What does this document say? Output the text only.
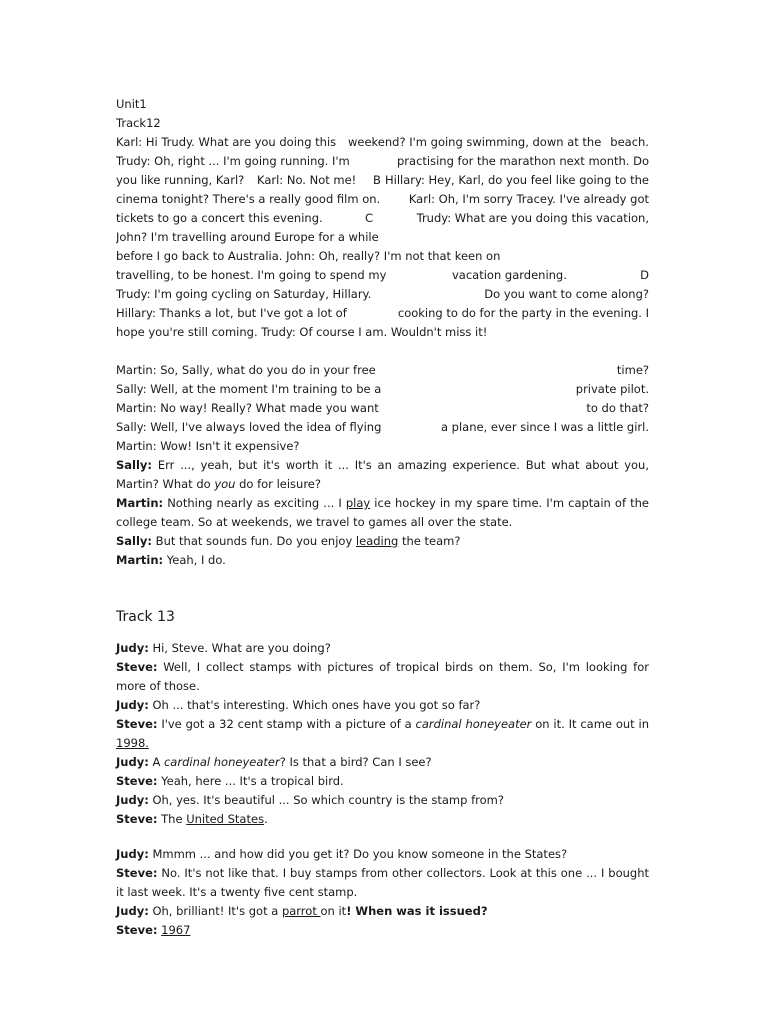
Unit1
Track12
Karl: Hi Trudy. What are you doing this weekend? I'm going swimming, down at the beach.
Trudy: Oh, right ... I'm going running. I'm	practising for the marathon next month. Do
you like running, Karl? Karl: No. Not me! B Hillary: Hey, Karl, do you feel like going to the
cinema tonight? There's a really good film on. Karl: Oh, I'm sorry Tracey. I've already got
tickets to go a concert this evening.	C	Trudy: What are you doing this vacation,
John? I'm travelling around Europe for a while
before I go back to Australia. John: Oh, really? I'm not that keen on
travelling, to be honest. I'm going to spend my	vacation gardening.	D
Trudy: I'm going cycling on Saturday, Hillary.	Do you want to come along?
Hillary: Thanks a lot, but I've got a lot of	cooking to do for the party in the evening. I
hope you're still coming. Trudy: Of course I am. Wouldn't miss it!
Martin: So, Sally, what do you do in your free	time?
Sally: Well, at the moment I'm training to be a	private pilot.
Martin: No way! Really? What made you want	to do that?
Sally: Well, I've always loved the idea of flying	a plane, ever since I was a little girl.
Martin: Wow! Isn't it expensive?
Sally: Err ..., yeah, but it's worth it ... It's an amazing experience. But what about you, Martin? What do you do for leisure?
Martin: Nothing nearly as exciting ... I play ice hockey in my spare time. I'm captain of the college team. So at weekends, we travel to games all over the state.
Sally: But that sounds fun. Do you enjoy leading the team?
Martin: Yeah, I do.
Track 13
Judy: Hi, Steve. What are you doing?
Steve: Well, I collect stamps with pictures of tropical birds on them. So, I'm looking for more of those.
Judy: Oh ... that's interesting. Which ones have you got so far?
Steve: I've got a 32 cent stamp with a picture of a cardinal honeyeater on it. It came out in 1998.
Judy: A cardinal honeyeater? Is that a bird? Can I see?
Steve: Yeah, here ... It's a tropical bird.
Judy: Oh, yes. It's beautiful ... So which country is the stamp from?
Steve: The United States.
Judy: Mmmm ... and how did you get it? Do you know someone in the States?
Steve: No. It's not like that. I buy stamps from other collectors. Look at this one ... I bought it last week. It's a twenty five cent stamp.
Judy: Oh, brilliant! It's got a parrot on it! When was it issued?
Steve: 1967
